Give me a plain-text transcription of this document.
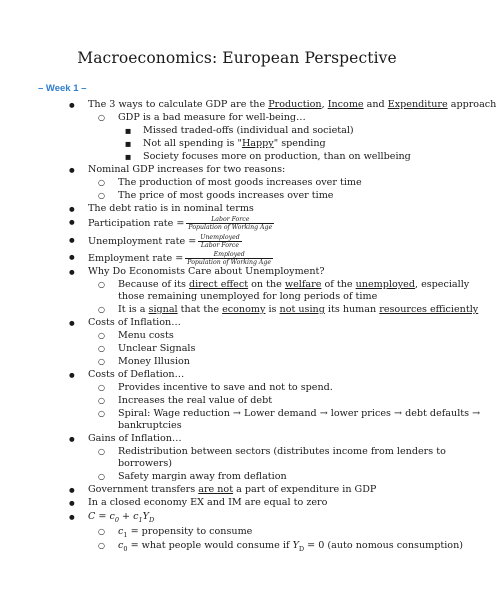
Macroeconomics: European Perspective
– Week 1 –
● The 3 ways to calculate GDP are the Production, Income and Expenditure approach
○ GDP is a bad measure for well-being…
■ Missed traded-offs (individual and societal)
■ Not all spending is "Happy" spending
■ Society focuses more on production, than on wellbeing
● Nominal GDP increases for two reasons:
○ The production of most goods increases over time
○ The price of most goods increases over time
● The debt ratio is in nominal terms
● Participation rate = $\frac{\text{Labor Force}}{\text{Population of Working Age}}$
● Unemployment rate = $\frac{\text{Unemployed}}{\text{Labor Force}}$
● Employment rate = $\frac{\text{Employed}}{\text{Population of Working Age}}$
● Why Do Economists Care about Unemployment?
○ Because of its direct effect on the welfare of the unemployed, especially
those remaining unemployed for long periods of time
○ It is a signal that the economy is not using its human resources efficiently
● Costs of Inflation…
○ Menu costs
○ Unclear Signals
○ Money Illusion
● Costs of Deflation…
○ Provides incentive to save and not to spend.
○ Increases the real value of debt
○ Spiral: Wage reduction → Lower demand → lower prices → debt defaults →
bankruptcies
● Gains of Inflation…
○ Redistribution between sectors (distributes income from lenders to
borrowers)
○ Safety margin away from deflation
● Government transfers are not a part of expenditure in GDP
● In a closed economy EX and IM are equal to zero
● $C = c_0 + c_1Y_D$
○ $c_1$ = propensity to consume
○ $c_0$ = what people would consume if $Y_D = 0$ (auto nomous consumption)
